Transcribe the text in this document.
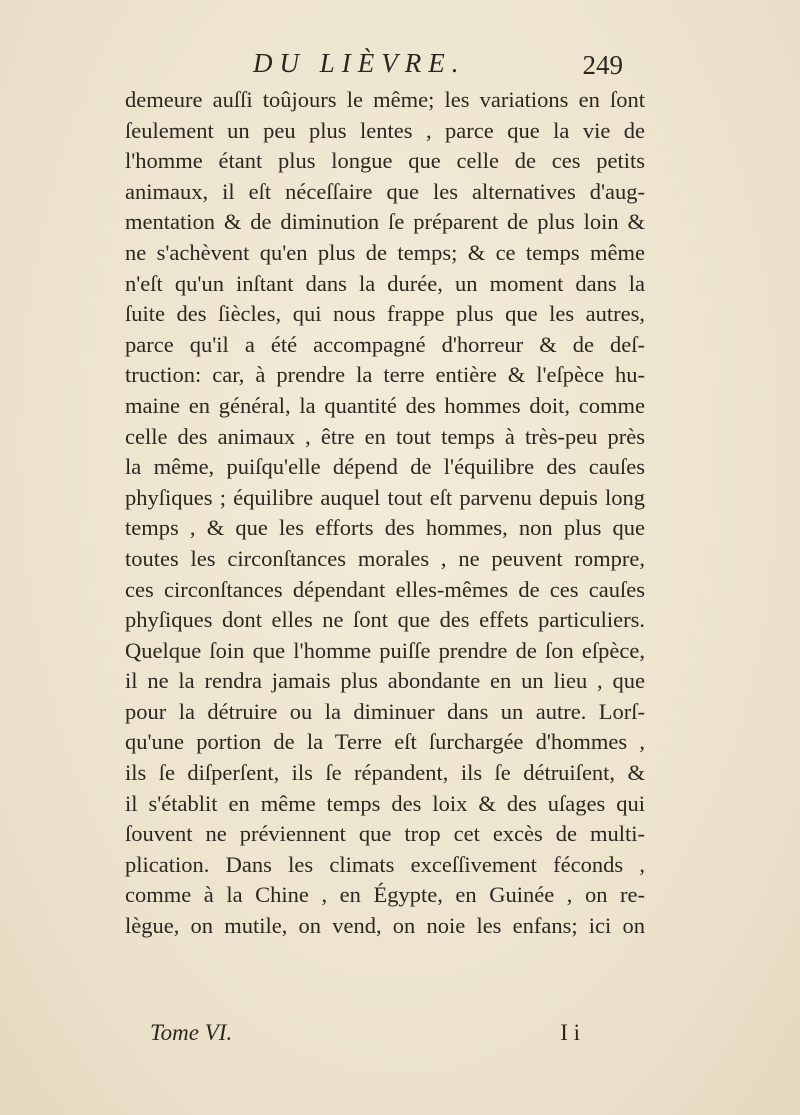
DU LIÈVRE.	249
demeure auſſi toûjours le même; les variations en ſont
ſeulement un peu plus lentes , parce que la vie de
l'homme étant plus longue que celle de ces petits
animaux, il eſt néceſſaire que les alternatives d'aug-
mentation & de diminution ſe préparent de plus loin &
ne s'achèvent qu'en plus de temps; & ce temps même
n'eſt qu'un inſtant dans la durée, un moment dans la
ſuite des ſiècles, qui nous frappe plus que les autres,
parce qu'il a été accompagné d'horreur & de deſ-
truction: car, à prendre la terre entière & l'eſpèce hu-
maine en général, la quantité des hommes doit, comme
celle des animaux , être en tout temps à très-peu près
la même, puiſqu'elle dépend de l'équilibre des cauſes
phyſiques ; équilibre auquel tout eſt parvenu depuis long
temps , & que les efforts des hommes, non plus que
toutes les circonſtances morales , ne peuvent rompre,
ces circonſtances dépendant elles-mêmes de ces cauſes
phyſiques dont elles ne ſont que des effets particuliers.
Quelque ſoin que l'homme puiſſe prendre de ſon eſpèce,
il ne la rendra jamais plus abondante en un lieu , que
pour la détruire ou la diminuer dans un autre. Lorſ-
qu'une portion de la Terre eſt ſurchargée d'hommes ,
ils ſe diſperſent, ils ſe répandent, ils ſe détruiſent, &
il s'établit en même temps des loix & des uſages qui
ſouvent ne préviennent que trop cet excès de multi-
plication. Dans les climats exceſſivement féconds ,
comme à la Chine , en Égypte, en Guinée , on re-
lègue, on mutile, on vend, on noie les enfans; ici on
Tome VI.	I i
